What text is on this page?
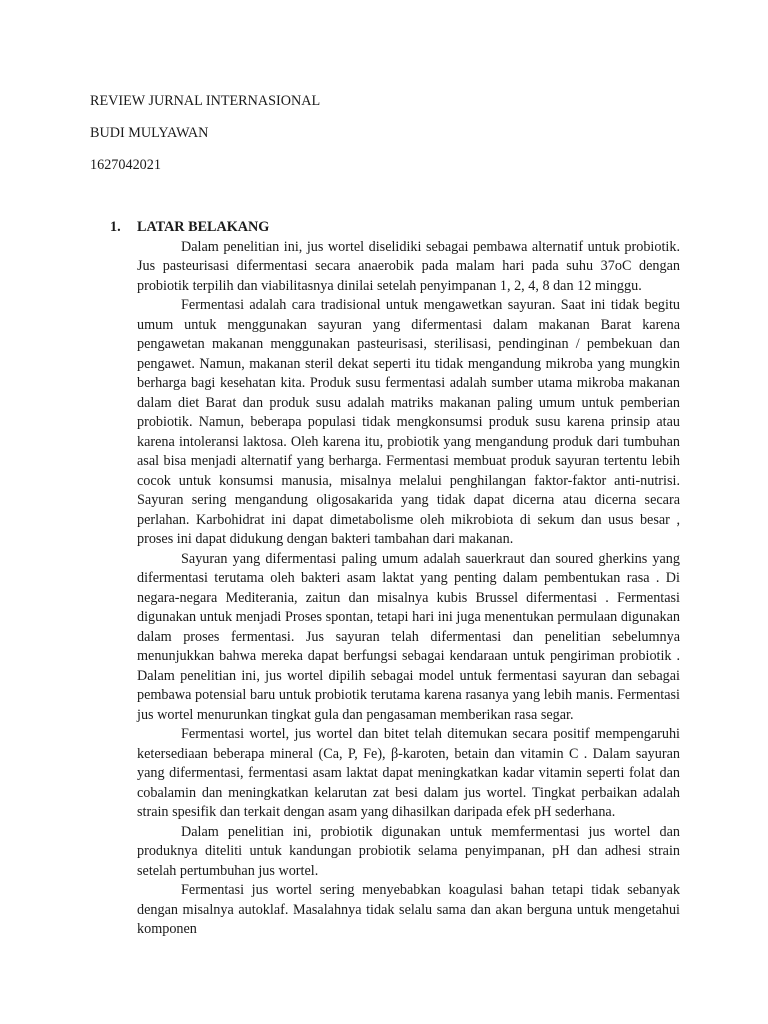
REVIEW JURNAL INTERNASIONAL

BUDI MULYAWAN

1627042021

1. LATAR BELAKANG

Dalam penelitian ini, jus wortel diselidiki sebagai pembawa alternatif untuk probiotik. Jus pasteurisasi difermentasi secara anaerobik pada malam hari pada suhu 37oC dengan probiotik terpilih dan viabilitasnya dinilai setelah penyimpanan 1, 2, 4, 8 dan 12 minggu.

Fermentasi adalah cara tradisional untuk mengawetkan sayuran. Saat ini tidak begitu umum untuk menggunakan sayuran yang difermentasi dalam makanan Barat karena pengawetan makanan menggunakan pasteurisasi, sterilisasi, pendinginan / pembekuan dan pengawet. Namun, makanan steril dekat seperti itu tidak mengandung mikroba yang mungkin berharga bagi kesehatan kita. Produk susu fermentasi adalah sumber utama mikroba makanan dalam diet Barat dan produk susu adalah matriks makanan paling umum untuk pemberian probiotik. Namun, beberapa populasi tidak mengkonsumsi produk susu karena prinsip atau karena intoleransi laktosa. Oleh karena itu, probiotik yang mengandung produk dari tumbuhan asal bisa menjadi alternatif yang berharga. Fermentasi membuat produk sayuran tertentu lebih cocok untuk konsumsi manusia, misalnya melalui penghilangan faktor-faktor anti-nutrisi. Sayuran sering mengandung oligosakarida yang tidak dapat dicerna atau dicerna secara perlahan. Karbohidrat ini dapat dimetabolisme oleh mikrobiota di sekum dan usus besar , proses ini dapat didukung dengan bakteri tambahan dari makanan.

Sayuran yang difermentasi paling umum adalah sauerkraut dan soured gherkins yang difermentasi terutama oleh bakteri asam laktat yang penting dalam pembentukan rasa . Di negara-negara Mediterania, zaitun dan misalnya kubis Brussel difermentasi . Fermentasi digunakan untuk menjadi Proses spontan, tetapi hari ini juga menentukan permulaan digunakan dalam proses fermentasi. Jus sayuran telah difermentasi dan penelitian sebelumnya menunjukkan bahwa mereka dapat berfungsi sebagai kendaraan untuk pengiriman probiotik . Dalam penelitian ini, jus wortel dipilih sebagai model untuk fermentasi sayuran dan sebagai pembawa potensial baru untuk probiotik terutama karena rasanya yang lebih manis. Fermentasi jus wortel menurunkan tingkat gula dan pengasaman memberikan rasa segar.

Fermentasi wortel, jus wortel dan bitet telah ditemukan secara positif mempengaruhi ketersediaan beberapa mineral (Ca, P, Fe), β-karoten, betain dan vitamin C . Dalam sayuran yang difermentasi, fermentasi asam laktat dapat meningkatkan kadar vitamin seperti folat dan cobalamin dan meningkatkan kelarutan zat besi dalam jus wortel. Tingkat perbaikan adalah strain spesifik dan terkait dengan asam yang dihasilkan daripada efek pH sederhana.

Dalam penelitian ini, probiotik digunakan untuk memfermentasi jus wortel dan produknya diteliti untuk kandungan probiotik selama penyimpanan, pH dan adhesi strain setelah pertumbuhan jus wortel.

Fermentasi jus wortel sering menyebabkan koagulasi bahan tetapi tidak sebanyak dengan misalnya autoklaf. Masalahnya tidak selalu sama dan akan berguna untuk mengetahui komponen
